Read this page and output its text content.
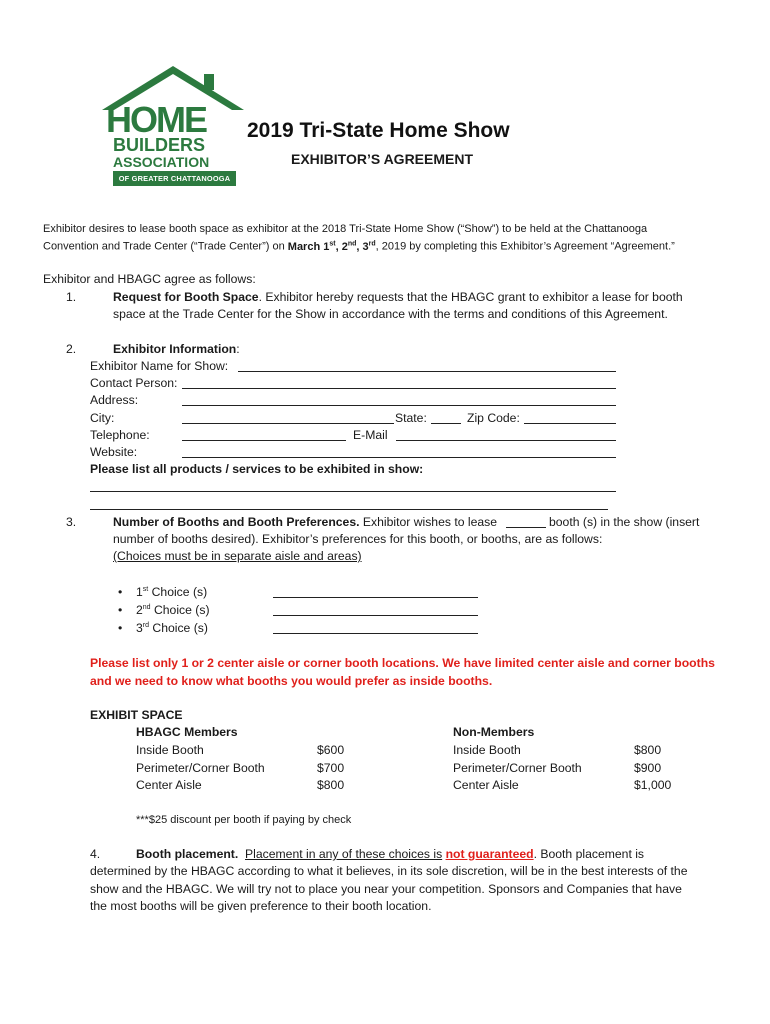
HOME
BUILDERS
ASSOCIATION
OF GREATER CHATTANOOGA
2019 Tri-State Home Show
EXHIBITOR’S AGREEMENT
Exhibitor desires to lease booth space as exhibitor at the 2018 Tri-State Home Show (“Show”) to be held at the Chattanooga
Convention and Trade Center (“Trade Center”) on March 1st, 2nd, 3rd, 2019 by completing this Exhibitor’s Agreement “Agreement.”
Exhibitor and HBAGC agree as follows:
1.	Request for Booth Space. Exhibitor hereby requests that the HBAGC grant to exhibitor a lease for booth
space at the Trade Center for the Show in accordance with the terms and conditions of this Agreement.
2.	Exhibitor Information:
Exhibitor Name for Show:
Contact Person:
Address:
City:	State:	Zip Code:
Telephone:	E-Mail
Website:
Please list all products / services to be exhibited in show:
3.	Number of Booths and Booth Preferences. Exhibitor wishes to lease	booth (s) in the show (insert
number of booths desired). Exhibitor’s preferences for this booth, or booths, are as follows:
(Choices must be in separate aisle and areas)
• 1st Choice (s)
• 2nd Choice (s)
• 3rd Choice (s)
Please list only 1 or 2 center aisle or corner booth locations. We have limited center aisle and corner booths
and we need to know what booths you would prefer as inside booths.
EXHIBIT SPACE
HBAGC Members	Non-Members
Inside Booth	$600	Inside Booth	$800
Perimeter/Corner Booth	$700	Perimeter/Corner Booth	$900
Center Aisle	$800	Center Aisle	$1,000
***$25 discount per booth if paying by check
4.	Booth placement. Placement in any of these choices is not guaranteed. Booth placement is
determined by the HBAGC according to what it believes, in its sole discretion, will be in the best interests of the
show and the HBAGC. We will try not to place you near your competition. Sponsors and Companies that have
the most booths will be given preference to their booth location.
